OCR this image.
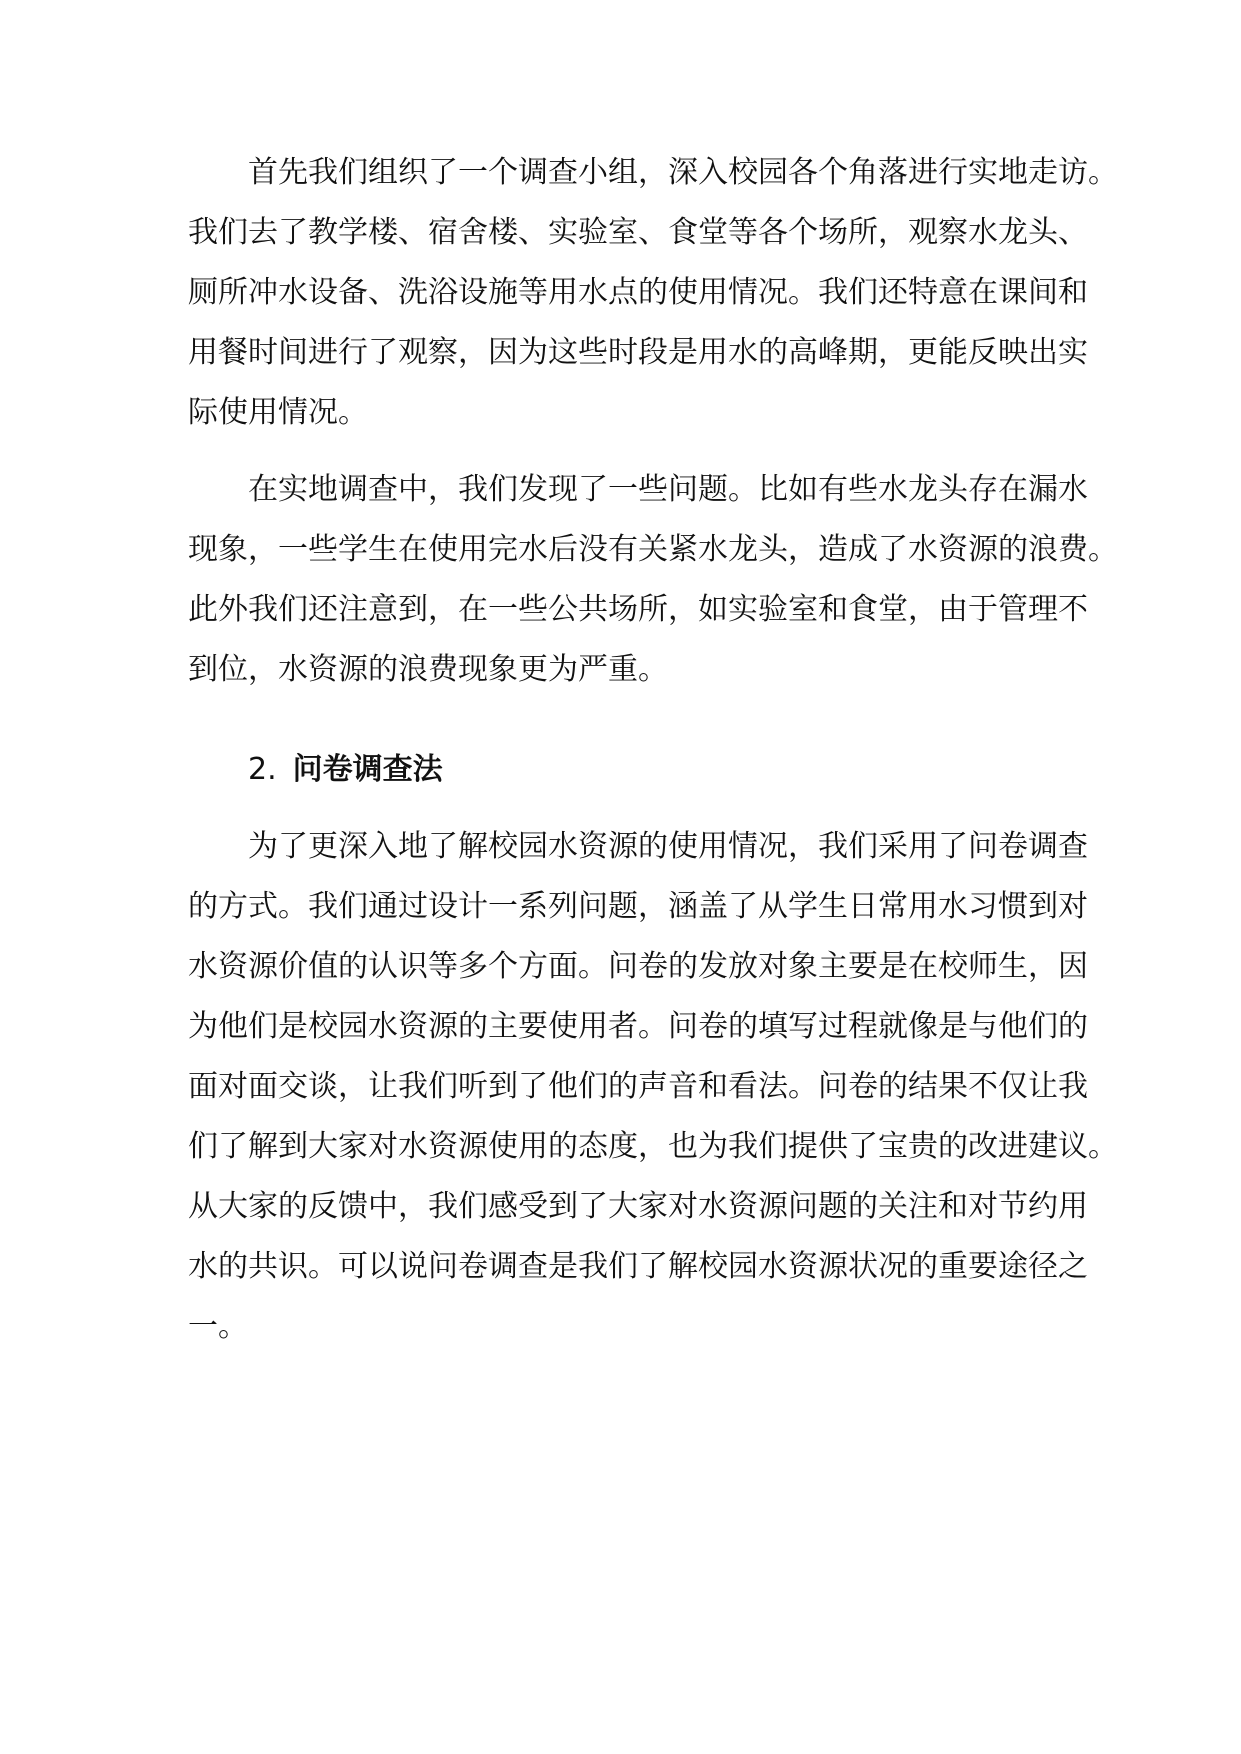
首先我们组织了一个调查小组，深入校园各个角落进行实地走访。
我们去了教学楼、宿舍楼、实验室、食堂等各个场所，观察水龙头、
厕所冲水设备、洗浴设施等用水点的使用情况。我们还特意在课间和
用餐时间进行了观察，因为这些时段是用水的高峰期，更能反映出实
际使用情况。
在实地调查中，我们发现了一些问题。比如有些水龙头存在漏水
现象，一些学生在使用完水后没有关紧水龙头，造成了水资源的浪费。
此外我们还注意到，在一些公共场所，如实验室和食堂，由于管理不
到位，水资源的浪费现象更为严重。
2. 问卷调查法
为了更深入地了解校园水资源的使用情况，我们采用了问卷调查
的方式。我们通过设计一系列问题，涵盖了从学生日常用水习惯到对
水资源价值的认识等多个方面。问卷的发放对象主要是在校师生，因
为他们是校园水资源的主要使用者。问卷的填写过程就像是与他们的
面对面交谈，让我们听到了他们的声音和看法。问卷的结果不仅让我
们了解到大家对水资源使用的态度，也为我们提供了宝贵的改进建议。
从大家的反馈中，我们感受到了大家对水资源问题的关注和对节约用
水的共识。可以说问卷调查是我们了解校园水资源状况的重要途径之
一。
